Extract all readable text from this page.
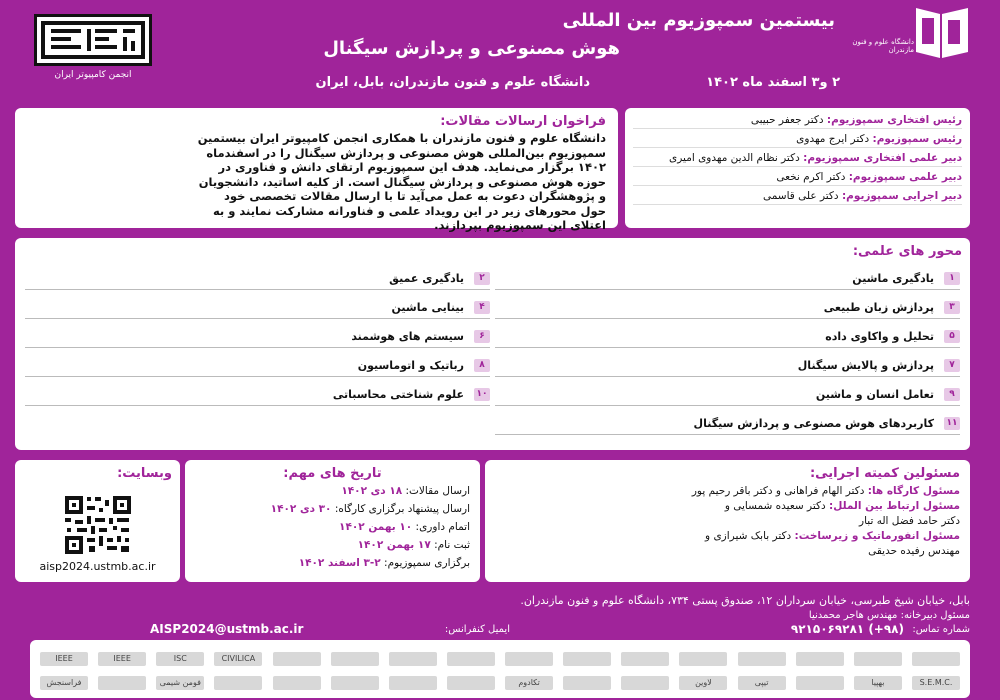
انجمن کامپیوتر ایران
بیستمین سمپوزیوم بین المللی
هوش مصنوعی و پردازش سیگنال
۲ و۳ اسفند ماه ۱۴۰۲
دانشگاه علوم و فنون مازندران، بابل، ایران
دانشگاه علوم و فنون مازندران
رئیس افتخاری سمپوزیوم: دکتر جعفر حبیبی
رئیس سمپوزیوم: دکتر ایرج مهدوی
دبیر علمی افتخاری سمپوزیوم: دکتر نظام الدین مهدوی امیری
دبیر علمی سمپوزیوم: دکتر اکرم نخعی
دبیر اجرایی سمپوزیوم: دکتر علی قاسمی
فراخوان ارسالات مقالات:
دانشگاه علوم و فنون مازندران با همکاری انجمن کامپیوتر ایران بیستمین
سمپوزیوم بین‌المللی هوش مصنوعی و پردازش سیگنال را در اسفندماه
۱۴۰۲ برگزار می‌نماید. هدف این سمپوزیوم ارتقای دانش و فناوری در
حوزه هوش مصنوعی و پردازش سیگنال است. از کلیه اساتید، دانشجویان
و پژوهشگران دعوت به عمل می‌آید تا با ارسال مقالات تخصصی خود
حول محورهای زیر در این رویداد علمی و فناورانه مشارکت نمایند و به
اعتلای این سمپوزیوم بپردازند.
محور های علمی:
۱
یادگیری ماشین
۳
پردازش زبان طبیعی
۵
تحلیل و واکاوی داده
۷
پردازش و پالایش سیگنال
۹
تعامل انسان و ماشین
۱۱
کاربردهای هوش مصنوعی و پردازش سیگنال
۲
یادگیری عمیق
۴
بینایی ماشین
۶
سیستم های هوشمند
۸
رباتیک و اتوماسیون
۱۰
علوم شناختی محاسباتی
مسئولین کمیته اجرایی:
مسئول کارگاه ها: دکتر الهام فراهانی و دکتر باقر رحیم پور
مسئول ارتباط بین الملل: دکتر سعیده شمسایی و
دکتر حامد فضل اله تبار
مسئول انفورماتیک و زیرساخت: دکتر بابک شیرازی و
مهندس رفیده حدیقی
تاریخ های مهم:
ارسال مقالات: ۱۸ دی ۱۴۰۲
ارسال پیشنهاد برگزاری کارگاه: ۳۰ دی ۱۴۰۲
اتمام داوری: ۱۰ بهمن ۱۴۰۲
ثبت نام: ۱۷ بهمن ۱۴۰۲
برگزاری سمپوزیوم: ۲-۳ اسفند ۱۴۰۲
وبسایت:
aisp2024.ustmb.ac.ir
بابل، خیابان شیخ طبرسی، خیابان سرداران ۱۲، صندوق پستی ۷۳۴، دانشگاه علوم و فنون مازندران.
مسئول دبیرخانه: مهندس هاجر محمدنیا
شماره تماس:
(۹۸+) ۹۲۱۵۰۶۹۲۸۱
ایمیل کنفرانس:
AISP2024@ustmb.ac.ir
IEEE	IEEE	ISC	CIVILICA
فراسنجش	فومن شیمی	تکادوم	لاوین	تیپی	بهپیا	S.E.M.C.
